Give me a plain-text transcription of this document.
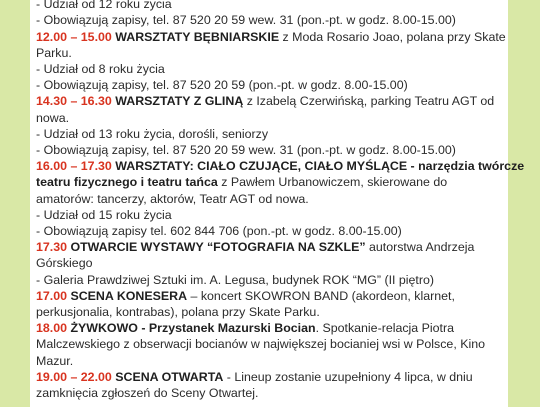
- Udział od 12 roku życia
- Obowiązują zapisy, tel. 87 520 20 59 wew. 31 (pon.-pt. w godz. 8.00-15.00)
12.00 – 15.00 WARSZTATY BĘBNIARSKIE z Moda Rosario Joao, polana przy Skate
Parku.
- Udział od 8 roku życia
- Obowiązują zapisy, tel. 87 520 20 59 (pon.-pt. w godz. 8.00-15.00)
14.30 – 16.30 WARSZTATY Z GLINĄ z Izabelą Czerwińską, parking Teatru AGT od
nowa.
- Udział od 13 roku życia, dorośli, seniorzy
- Obowiązują zapisy, tel. 87 520 20 59 wew. 31 (pon.-pt. w godz. 8.00-15.00)
16.00 – 17.30 WARSZTATY: CIAŁO CZUJĄCE, CIAŁO MYŚLĄCE - narzędzia twórcze
teatru fizycznego i teatru tańca z Pawłem Urbanowiczem, skierowane do
amatorów: tancerzy, aktorów, Teatr AGT od nowa.
- Udział od 15 roku życia
- Obowiązują zapisy tel. 602 844 706 (pon.-pt. w godz. 8.00-15.00)
17.30 OTWARCIE WYSTAWY “FOTOGRAFIA NA SZKLE” autorstwa Andrzeja
Górskiego
- Galeria Prawdziwej Sztuki im. A. Legusa, budynek ROK “MG” (II piętro)
17.00 SCENA KONESERA – koncert SKOWRON BAND (akordeon, klarnet,
perkusjonalia, kontrabas), polana przy Skate Parku.
18.00 ŻYWKOWO - Przystanek Mazurski Bocian. Spotkanie-relacja Piotra
Malczewskiego z obserwacji bocianów w największej bocianiej wsi w Polsce, Kino
Mazur.
19.00 – 22.00 SCENA OTWARTA - Lineup zostanie uzupełniony 4 lipca, w dniu
zamknięcia zgłoszeń do Sceny Otwartej.
